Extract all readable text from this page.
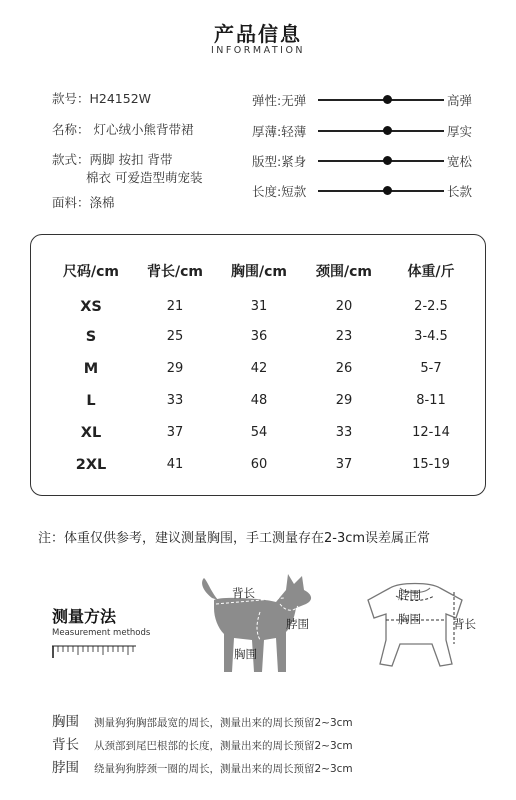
产品信息
INFORMATION
款号：H24152W
名称： 灯心绒小熊背带裙
款式：两脚 按扣 背带
棉衣 可爱造型萌宠装
面料：涤棉
弹性:无弹	高弹
厚薄:轻薄	厚实
版型:紧身	宽松
长度:短款	长款
尺码/cm	背长/cm	胸围/cm	颈围/cm	体重/斤
XS	21	31	20	2-2.5
S	25	36	23	3-4.5
M	29	42	26	5-7
L	33	48	29	8-11
XL	37	54	33	12-14
2XL	41	60	37	15-19
注：体重仅供参考，建议测量胸围，手工测量存在2-3cm误差属正常
测量方法
Measurement methods
背长
脖围
胸围
脖围
胸围	背长
胸围 测量狗狗胸部最宽的周长，测量出来的周长预留2~3cm
背长 从颈部到尾巴根部的长度，测量出来的周长预留2~3cm
脖围 绕量狗狗脖颈一圈的周长，测量出来的周长预留2~3cm
